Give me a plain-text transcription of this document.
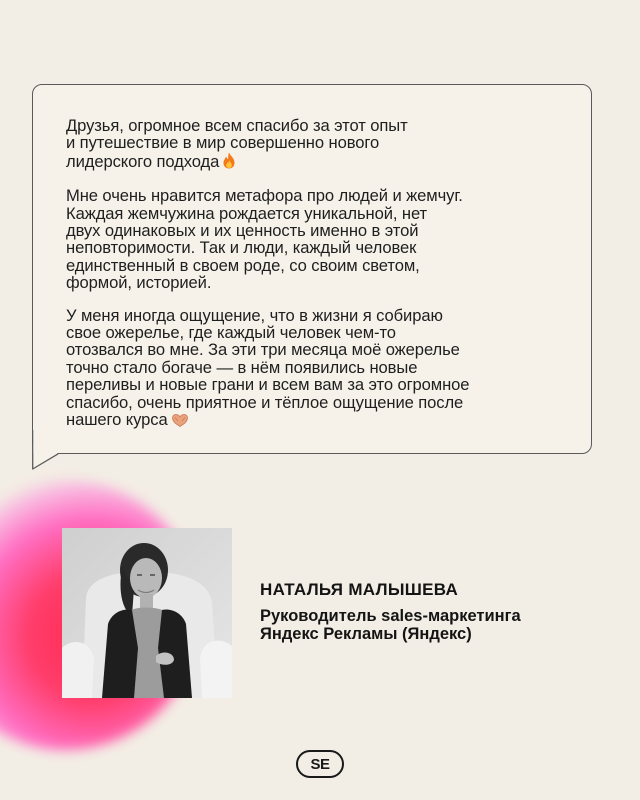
Друзья, огромное всем спасибо за этот опыт
и путешествие в мир совершенно нового
лидерского подхода

Мне очень нравится метафора про людей и жемчуг.
Каждая жемчужина рождается уникальной, нет
двух одинаковых и их ценность именно в этой
неповторимости. Так и люди, каждый человек
единственный в своем роде, со своим светом,
формой, историей.

У меня иногда ощущение, что в жизни я собираю
свое ожерелье, где каждый человек чем-то
отозвался во мне. За эти три месяца моё ожерелье
точно стало богаче — в нём появились новые
переливы и новые грани и всем вам за это огромное
спасибо, очень приятное и тёплое ощущение после
нашего курса

НАТАЛЬЯ МАЛЫШЕВА

Руководитель sales-маркетинга
Яндекс Рекламы (Яндекс)

SE
